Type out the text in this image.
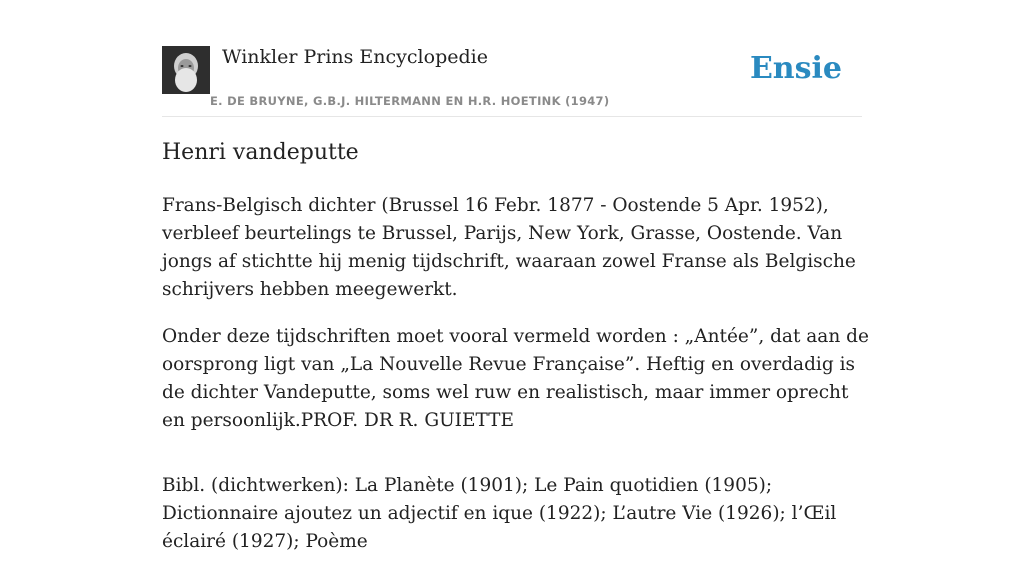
Winkler Prins Encyclopedie
E. DE BRUYNE, G.B.J. HILTERMANN EN H.R. HOETINK (1947)
Ensie
Henri vandeputte

Frans-Belgisch dichter (Brussel 16 Febr. 1877 - Oostende 5 Apr. 1952), verbleef beurtelings te Brussel, Parijs, New York, Grasse, Oostende. Van jongs af stichtte hij menig tijdschrift, waaraan zowel Franse als Belgische schrijvers hebben meegewerkt.

Onder deze tijdschriften moet vooral vermeld worden : „Antée”, dat aan de oorsprong ligt van „La Nouvelle Revue Française”. Heftig en overdadig is de dichter Vandeputte, soms wel ruw en realistisch, maar immer oprecht en persoonlijk.PROF. DR R. GUIETTE

Bibl. (dichtwerken): La Planète (1901); Le Pain quotidien (1905); Dictionnaire ajoutez un adjectif en ique (1922); L’autre Vie (1926); l’Œil éclairé (1927); Poème
